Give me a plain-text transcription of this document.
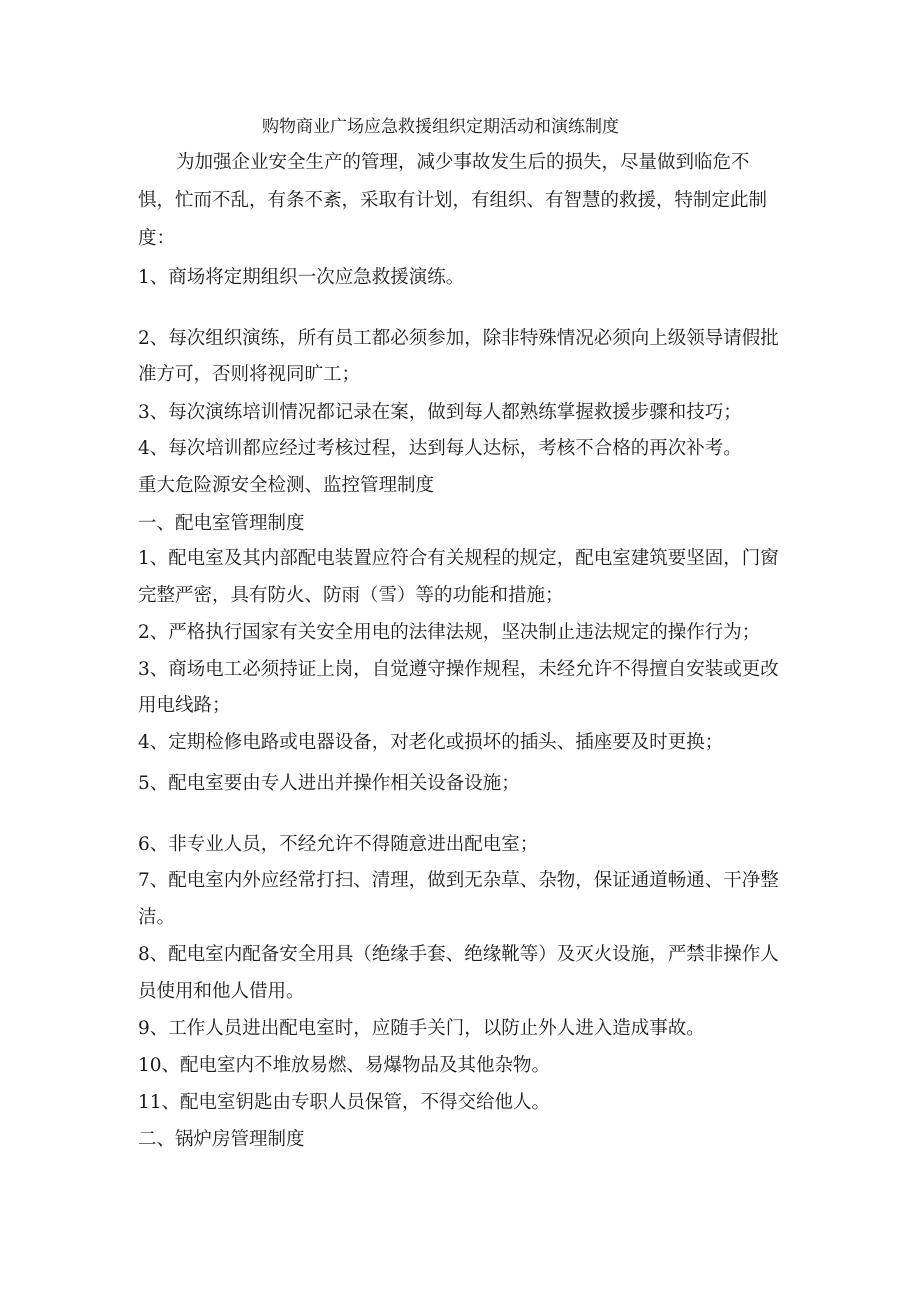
购物商业广场应急救援组织定期活动和演练制度
为加强企业安全生产的管理，减少事故发生后的损失，尽量做到临危不
惧，忙而不乱，有条不紊，采取有计划，有组织、有智慧的救援，特制定此制
度：
1、商场将定期组织一次应急救援演练。
2、每次组织演练，所有员工都必须参加，除非特殊情况必须向上级领导请假批
准方可，否则将视同旷工；
3、每次演练培训情况都记录在案，做到每人都熟练掌握救援步骤和技巧；
4、每次培训都应经过考核过程，达到每人达标，考核不合格的再次补考。
重大危险源安全检测、监控管理制度
一、配电室管理制度
1、配电室及其内部配电装置应符合有关规程的规定，配电室建筑要坚固，门窗
完整严密，具有防火、防雨（雪）等的功能和措施；
2、严格执行国家有关安全用电的法律法规，坚决制止违法规定的操作行为；
3、商场电工必须持证上岗，自觉遵守操作规程，未经允许不得擅自安装或更改
用电线路；
4、定期检修电路或电器设备，对老化或损坏的插头、插座要及时更换；
5、配电室要由专人进出并操作相关设备设施；
6、非专业人员，不经允许不得随意进出配电室；
7、配电室内外应经常打扫、清理，做到无杂草、杂物，保证通道畅通、干净整
洁。
8、配电室内配备安全用具（绝缘手套、绝缘靴等）及灭火设施，严禁非操作人
员使用和他人借用。
9、工作人员进出配电室时，应随手关门，以防止外人进入造成事故。
10、配电室内不堆放易燃、易爆物品及其他杂物。
11、配电室钥匙由专职人员保管，不得交给他人。
二、锅炉房管理制度
